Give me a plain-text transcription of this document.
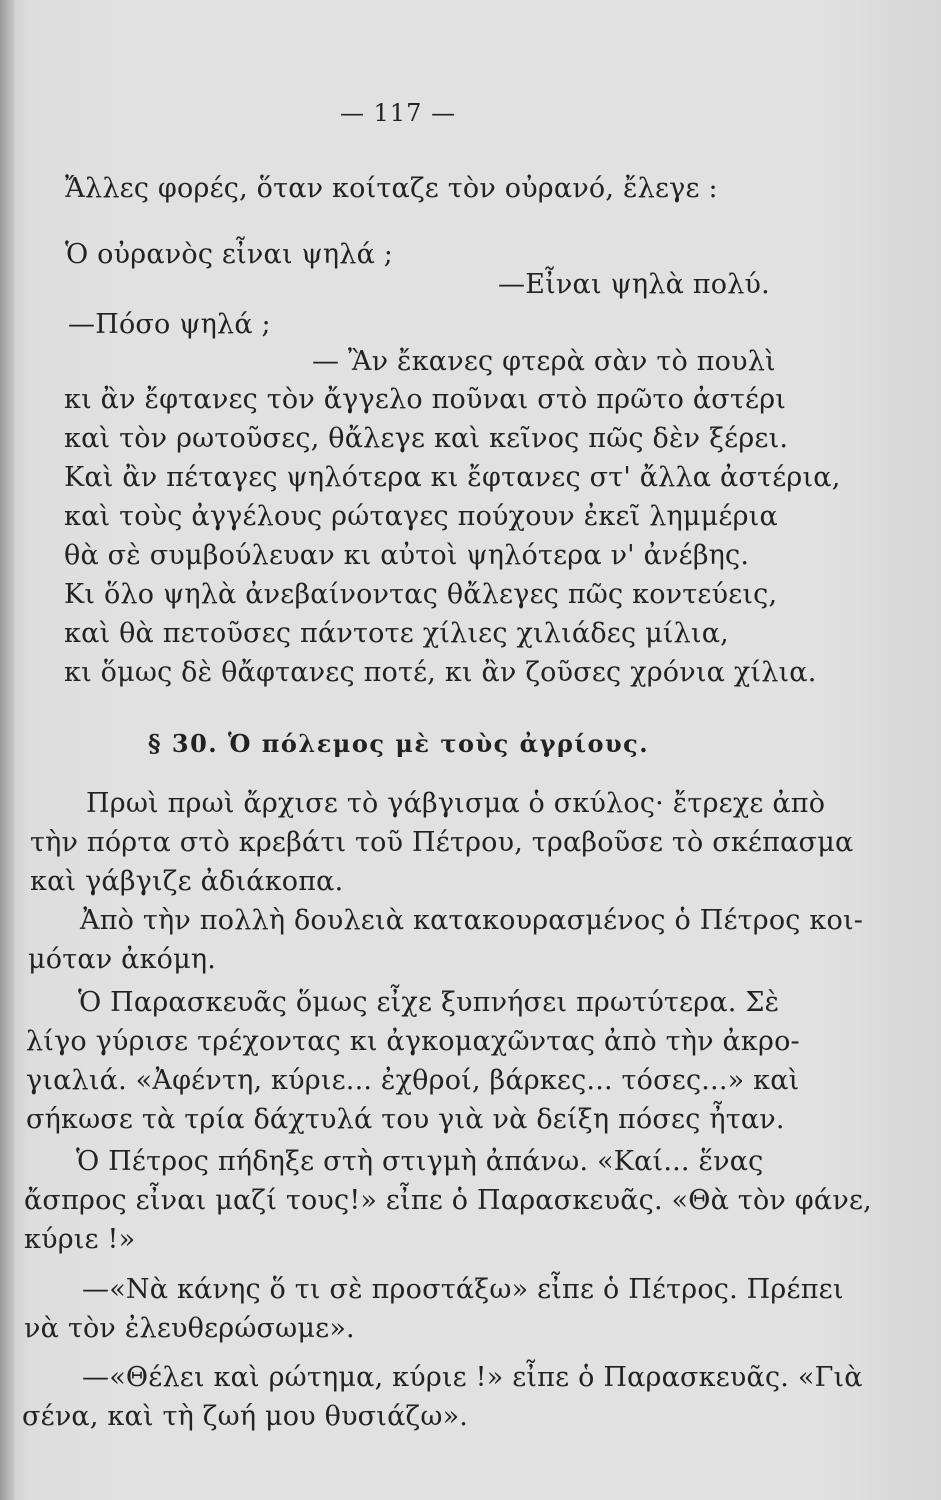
— 117 —
Ἄλλες φορές, ὅταν κοίταζε τὸν οὐρανό, ἔλεγε :
Ὁ οὐρανὸς εἶναι ψηλά ;
—Εἶναι ψηλὰ πολύ.
—Πόσο ψηλά ;
— Ἂν ἔκανες φτερὰ σὰν τὸ πουλὶ
κι ἂν ἔφτανες τὸν ἄγγελο ποῦναι στὸ πρῶτο ἀστέρι
καὶ τὸν ρωτοῦσες, θἄλεγε καὶ κεῖνος πῶς δὲν ξέρει.
Καὶ ἂν πέταγες ψηλότερα κι ἔφτανες στ' ἄλλα ἀστέρια,
καὶ τοὺς ἀγγέλους ρώταγες πούχουν ἐκεῖ λημμέρια
θὰ σὲ συμβούλευαν κι αὐτοὶ ψηλότερα ν' ἀνέβης.
Κι ὅλο ψηλὰ ἀνεβαίνοντας θἄλεγες πῶς κοντεύεις,
καὶ θὰ πετοῦσες πάντοτε χίλιες χιλιάδες μίλια,
κι ὅμως δὲ θἄφτανες ποτέ, κι ἂν ζοῦσες χρόνια χίλια.
§ 30. Ὁ πόλεμος μὲ τοὺς ἀγρίους.
Πρωὶ πρωὶ ἄρχισε τὸ γάβγισμα ὁ σκύλος· ἔτρεχε ἀπὸ
τὴν πόρτα στὸ κρεβάτι τοῦ Πέτρου, τραβοῦσε τὸ σκέπασμα
καὶ γάβγιζε ἀδιάκοπα.
Ἀπὸ τὴν πολλὴ δουλειὰ κατακουρασμένος ὁ Πέτρος κοι-
μόταν ἀκόμη.
Ὁ Παρασκευᾶς ὅμως εἶχε ξυπνήσει πρωτύτερα. Σὲ
λίγο γύρισε τρέχοντας κι ἀγκομαχῶντας ἀπὸ τὴν ἀκρο-
γιαλιά. «Ἀφέντη, κύριε... ἐχθροί, βάρκες... τόσες...» καὶ
σήκωσε τὰ τρία δάχτυλά του γιὰ νὰ δείξη πόσες ἦταν.
Ὁ Πέτρος πήδηξε στὴ στιγμὴ ἀπάνω. «Καί... ἕνας
ἄσπρος εἶναι μαζί τους!» εἶπε ὁ Παρασκευᾶς. «Θὰ τὸν φάνε,
κύριε !»
—«Νὰ κάνης ὅ τι σὲ προστάξω» εἶπε ὁ Πέτρος. Πρέπει
νὰ τὸν ἐλευθερώσωμε».
—«Θέλει καὶ ρώτημα, κύριε !» εἶπε ὁ Παρασκευᾶς. «Γιὰ
σένα, καὶ τὴ ζωή μου θυσιάζω».
